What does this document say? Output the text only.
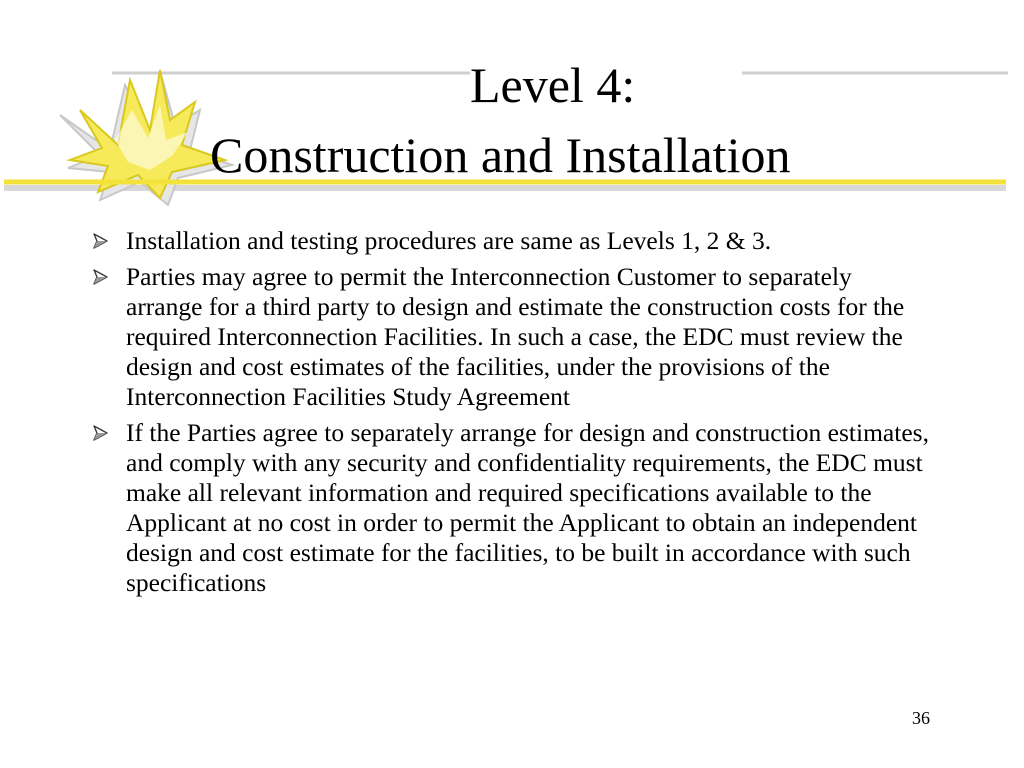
Level 4:
Construction and Installation
Installation and testing procedures are same as Levels 1, 2 & 3.
Parties may agree to permit the Interconnection Customer to separately arrange for a third party to design and estimate the construction costs for the required Interconnection Facilities. In such a case, the EDC must review the design and cost estimates of the facilities, under the provisions of the Interconnection Facilities Study Agreement
If the Parties agree to separately arrange for design and construction estimates, and comply with any security and confidentiality requirements, the EDC must make all relevant information and required specifications available to the Applicant at no cost in order to permit the Applicant to obtain an independent design and cost estimate for the facilities, to be built in accordance with such specifications
36
